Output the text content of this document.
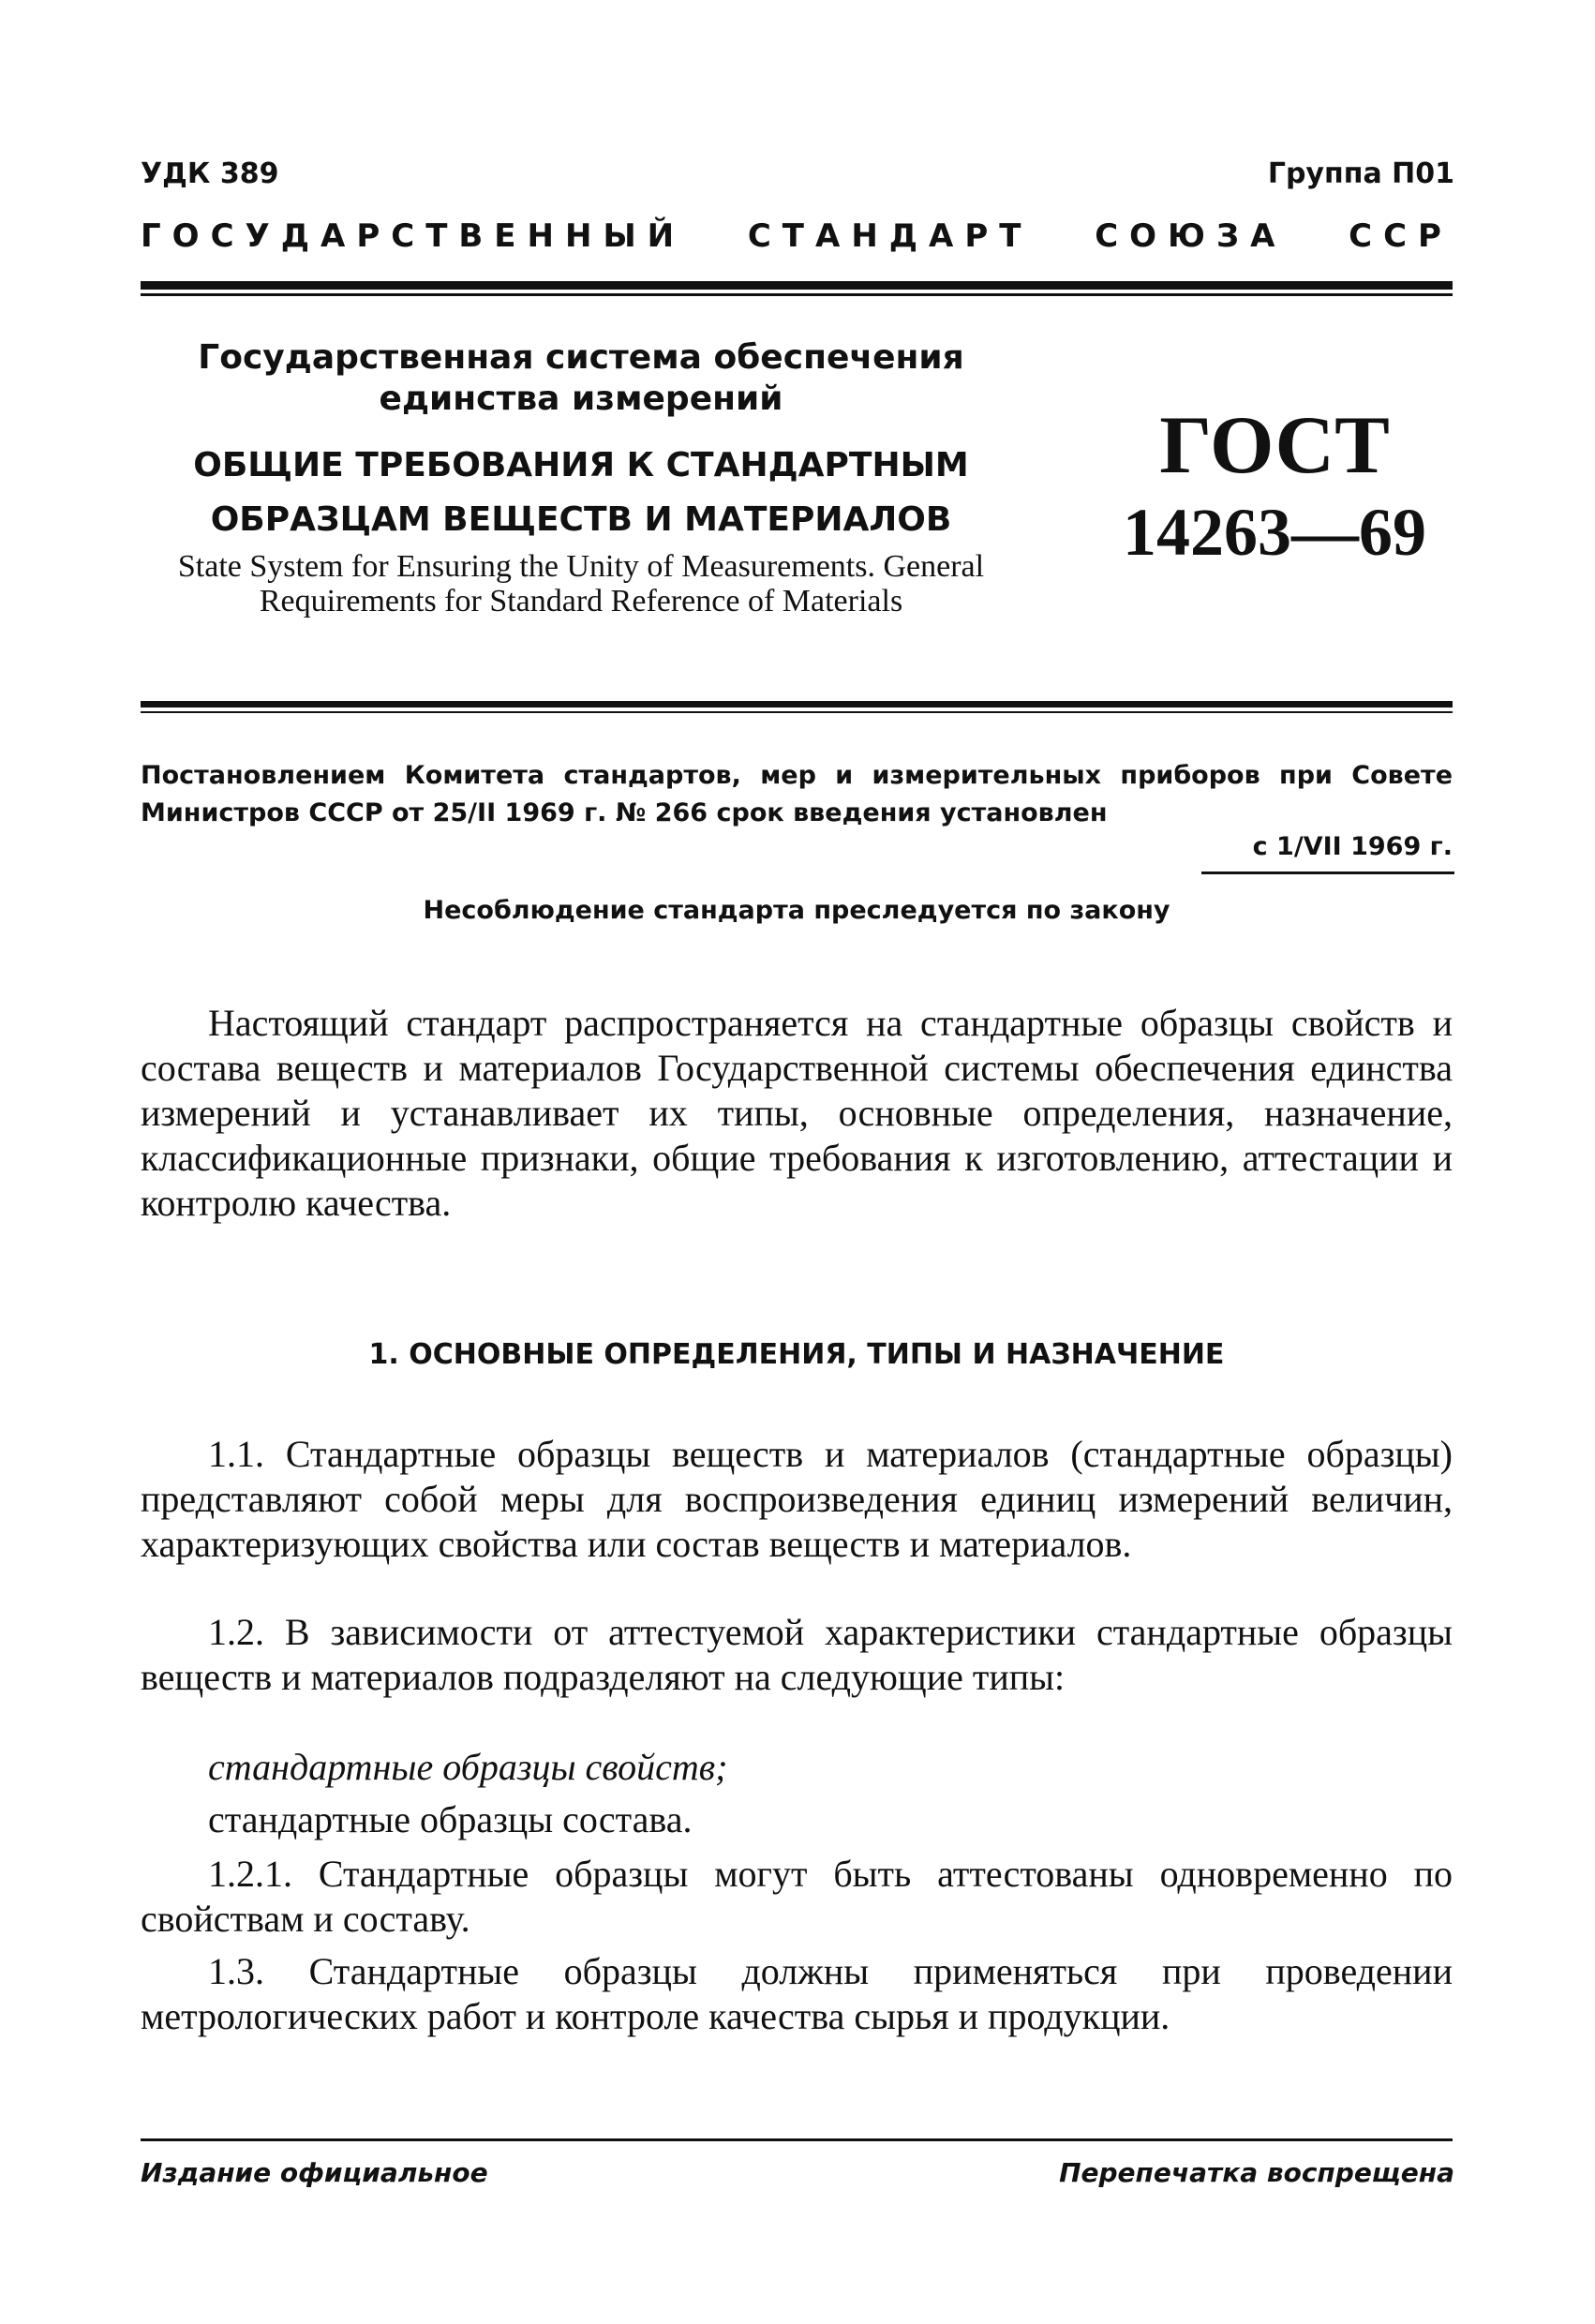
УДК 389	Группа П01
ГОСУДАРСТВЕННЫЙ СТАНДАРТ СОЮЗА ССР
Государственная система обеспечения единства измерений
ОБЩИЕ ТРЕБОВАНИЯ К СТАНДАРТНЫМ ОБРАЗЦАМ ВЕЩЕСТВ И МАТЕРИАЛОВ
State System for Ensuring the Unity of Measurements. General Requirements for Standard Reference of Materials
ГОСТ
14263—69
Постановлением Комитета стандартов, мер и измерительных приборов при Совете Министров СССР от 25/II 1969 г. № 266 срок введения установлен
с 1/VII 1969 г.
Несоблюдение стандарта преследуется по закону
Настоящий стандарт распространяется на стандартные образцы свойств и состава веществ и материалов Государственной системы обеспечения единства измерений и устанавливает их типы, основные определения, назначение, классификационные признаки, общие требования к изготовлению, аттестации и контролю качества.
1. ОСНОВНЫЕ ОПРЕДЕЛЕНИЯ, ТИПЫ И НАЗНАЧЕНИЕ
1.1. Стандартные образцы веществ и материалов (стандартные образцы) представляют собой меры для воспроизведения единиц измерений величин, характеризующих свойства или состав веществ и материалов.
1.2. В зависимости от аттестуемой характеристики стандартные образцы веществ и материалов подразделяют на следующие типы:
стандартные образцы свойств;
стандартные образцы состава.
1.2.1. Стандартные образцы могут быть аттестованы одновременно по свойствам и составу.
1.3. Стандартные образцы должны применяться при проведении метрологических работ и контроле качества сырья и продукции.
Издание официальное	Перепечатка воспрещена
